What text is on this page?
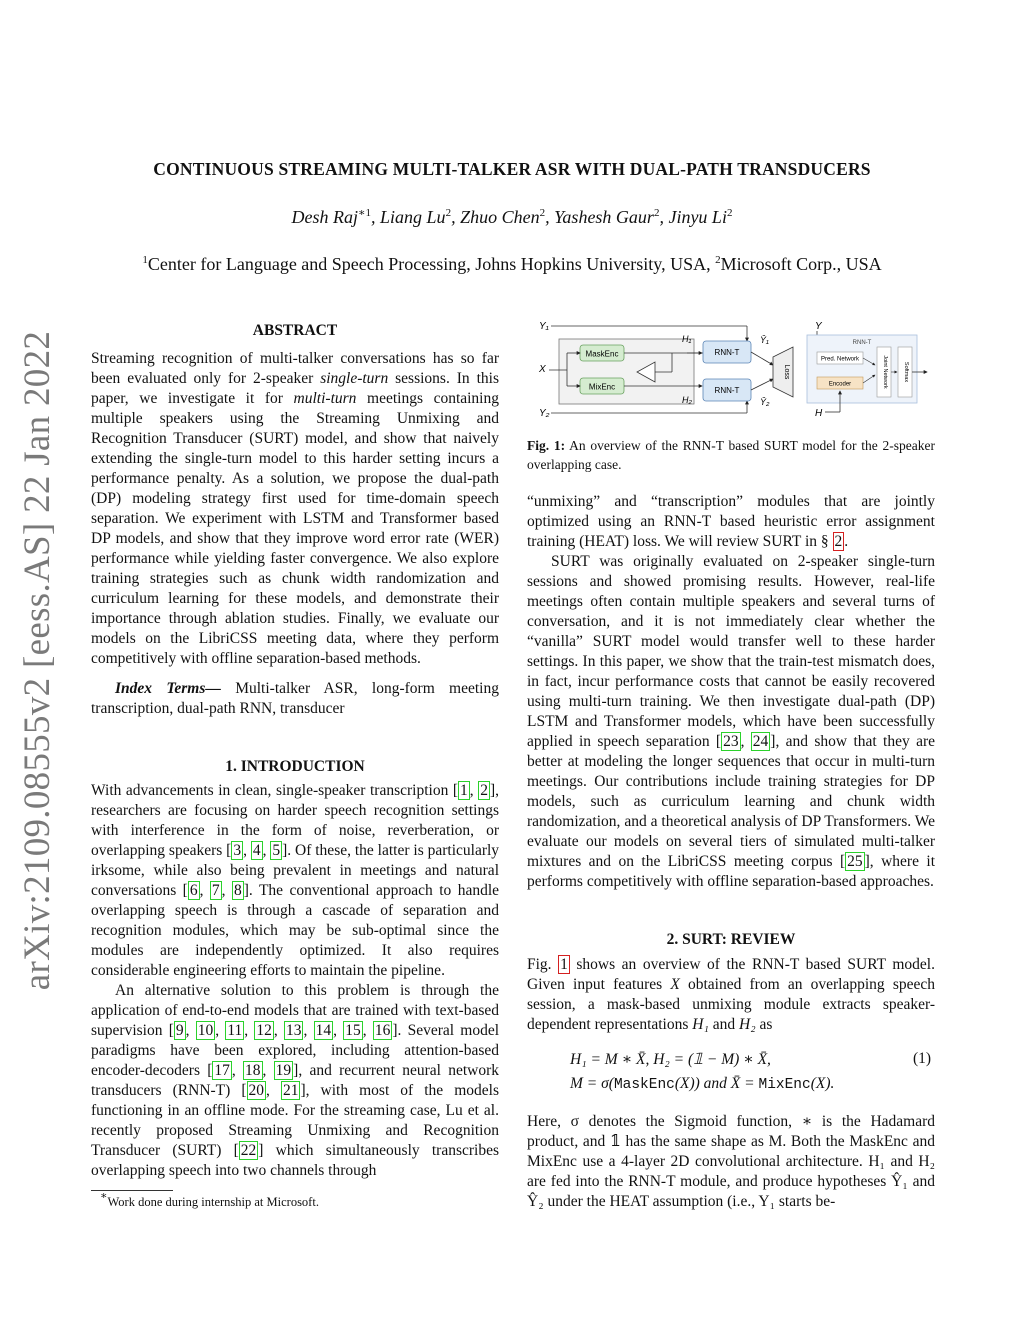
arXiv:2109.08555v2 [eess.AS] 22 Jan 2022
CONTINUOUS STREAMING MULTI-TALKER ASR WITH DUAL-PATH TRANSDUCERS
Desh Raj$^{∗1}$, Liang Lu$^2$, Zhuo Chen$^2$, Yashesh Gaur$^2$, Jinyu Li$^2$
$^1$Center for Language and Speech Processing, Johns Hopkins University, USA, $^2$Microsoft Corp., USA
ABSTRACT

Streaming recognition of multi-talker conversations has so far been evaluated only for 2-speaker single-turn sessions. In this paper, we investigate it for multi-turn meetings containing multiple speakers using the Streaming Unmixing and Recognition Transducer (SURT) model, and show that naively extending the single-turn model to this harder setting incurs a performance penalty. As a solution, we propose the dual-path (DP) modeling strategy first used for time-domain speech separation. We experiment with LSTM and Transformer based DP models, and show that they improve word error rate (WER) performance while yielding faster convergence. We also explore training strategies such as chunk width randomization and curriculum learning for these models, and demonstrate their importance through ablation studies. Finally, we evaluate our models on the LibriCSS meeting data, where they perform competitively with offline separation-based methods.

Index Terms— Multi-talker ASR, long-form meeting transcription, dual-path RNN, transducer

1. INTRODUCTION

With advancements in clean, single-speaker transcription [ 1 , 2 ], researchers are focusing on harder speech recognition settings with interference in the form of noise, reverberation, or overlapping speakers [ 3 , 4 , 5 ]. Of these, the latter is particularly irksome, while also being prevalent in meetings and natural conversations [ 6 , 7 , 8 ]. The conventional approach to handle overlapping speech is through a cascade of separation and recognition modules, which may be sub-optimal since the modules are independently optimized. It also requires considerable engineering efforts to maintain the pipeline.

An alternative solution to this problem is through the application of end-to-end models that are trained with text-based supervision [ 9 , 10 , 11 , 12 , 13 , 14 , 15 , 16 ]. Several model paradigms have been explored, including attention-based encoder-decoders [ 17 , 18 , 19 ], and recurrent neural network transducers (RNN-T) [ 20 , 21 ], with most of the models functioning in an offline mode. For the streaming case, Lu et al. recently proposed Streaming Unmixing and Recognition Transducer (SURT) [ 22 ] which simultaneously transcribes overlapping speech into two channels through

∗Work done during internship at Microsoft.
MaskEnc
MixEnc
X
Y₁
Y₂
H₁
H₂
RNN-T
RNN-T
Ŷ₁
Ŷ₂
Loss
Y
RNN-T
Pred. Network
Encoder	Joint Network	Softmax
H
Fig. 1: An overview of the RNN-T based SURT model for the 2-speaker overlapping case.

“unmixing” and “transcription” modules that are jointly optimized using an RNN-T based heuristic error assignment training (HEAT) loss. We will review SURT in § 2 .

SURT was originally evaluated on 2-speaker single-turn sessions and showed promising results. However, real-life meetings often contain multiple speakers and several turns of conversation, and it is not immediately clear whether the “vanilla” SURT model would transfer well to these harder settings. In this paper, we show that the train-test mismatch does, in fact, incur performance costs that cannot be easily recovered using multi-turn training. We then investigate dual-path (DP) LSTM and Transformer models, which have been successfully applied in speech separation [ 23 , 24 ], and show that they are better at modeling the longer sequences that occur in multi-turn meetings. Our contributions include training strategies for DP models, such as curriculum learning and chunk width randomization, and a theoretical analysis of DP Transformers. We evaluate our models on several tiers of simulated multi-talker mixtures and on the LibriCSS meeting corpus [ 25 ], where it performs competitively with offline separation-based approaches.

2. SURT: REVIEW

Fig. 1 shows an overview of the RNN-T based SURT model. Given input features X obtained from an overlapping speech session, a mask-based unmixing module extracts speaker-dependent representations H₁ and H₂ as

H₁ = M ∗ X̄, H₂ = (𝟙 − M) ∗ X̄,	(1)
M = σ(MaskEnc(X)) and X̄ = MixEnc(X).

Here, σ denotes the Sigmoid function, ∗ is the Hadamard product, and 𝟙 has the same shape as M. Both the MaskEnc and MixEnc use a 4-layer 2D convolutional architecture. H₁ and H₂ are fed into the RNN-T module, and produce hypotheses Ŷ₁ and Ŷ₂ under the HEAT assumption (i.e., Y₁ starts be-
